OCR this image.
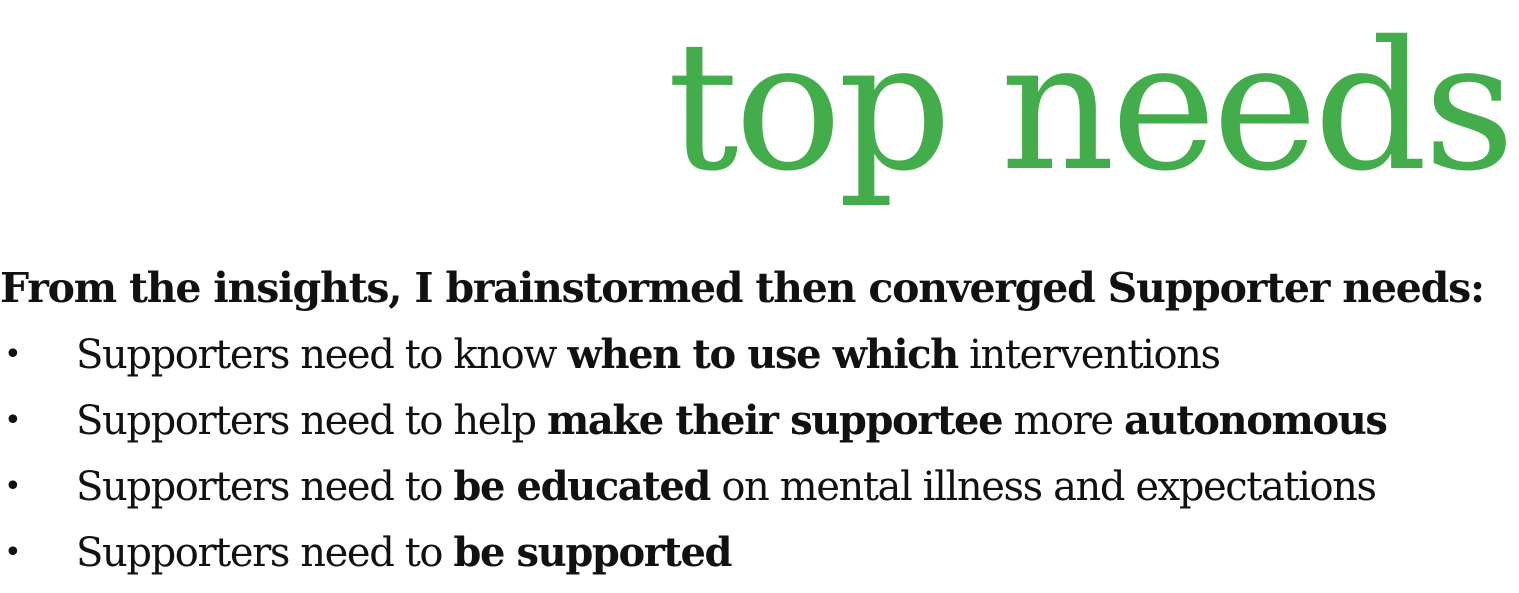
top needs

From the insights, I brainstormed then converged Supporter needs:

• Supporters need to know when to use which interventions
• Supporters need to help make their supportee more autonomous
• Supporters need to be educated on mental illness and expectations
• Supporters need to be supported
